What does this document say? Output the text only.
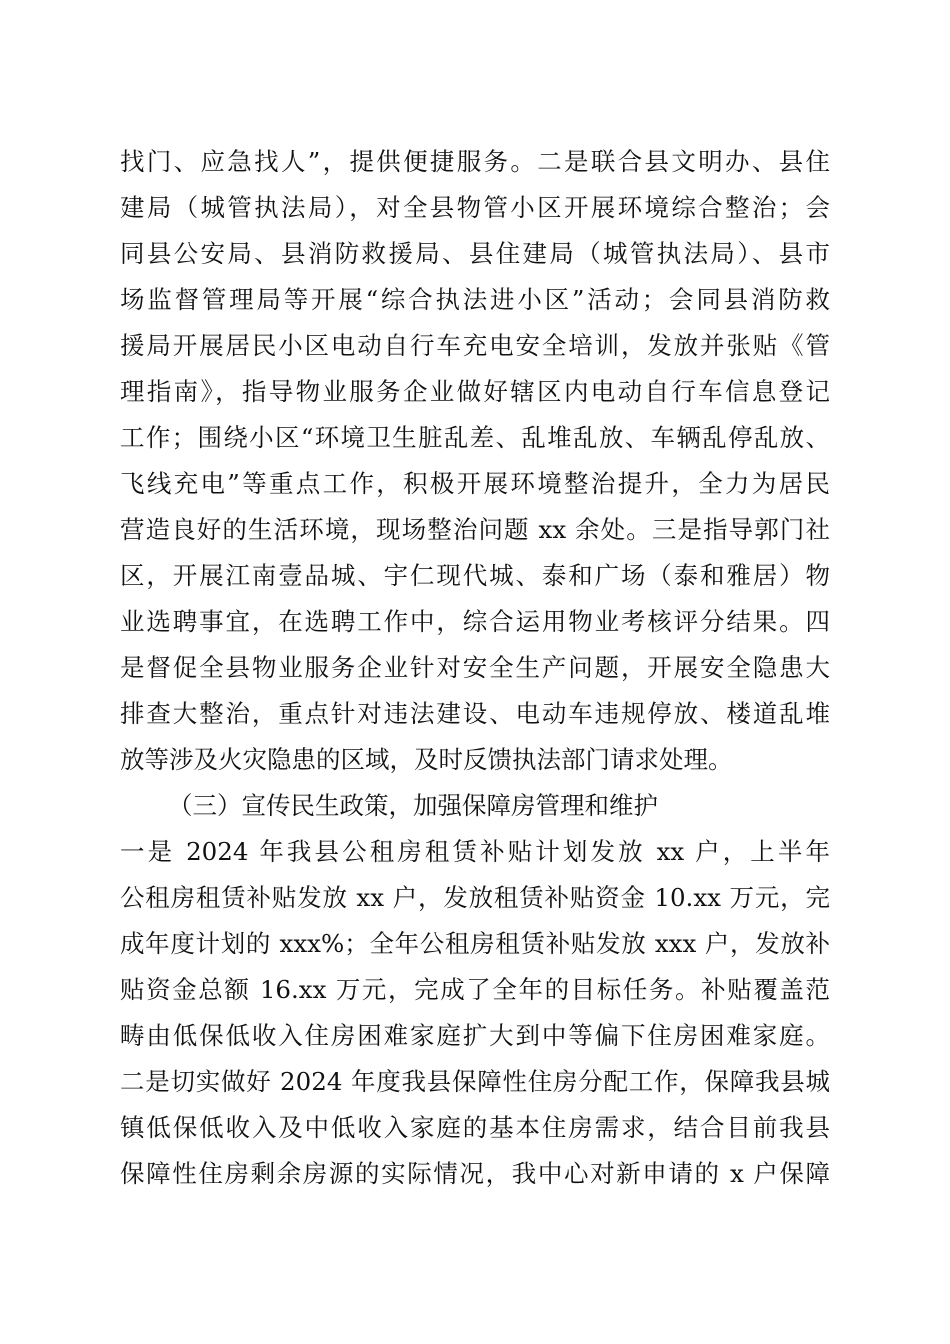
找门、应急找人”，提供便捷服务。二是联合县文明办、县住
建局（城管执法局），对全县物管小区开展环境综合整治；会
同县公安局、县消防救援局、县住建局（城管执法局）、县市
场监督管理局等开展“综合执法进小区”活动；会同县消防救
援局开展居民小区电动自行车充电安全培训，发放并张贴《管
理指南》，指导物业服务企业做好辖区内电动自行车信息登记
工作；围绕小区“环境卫生脏乱差、乱堆乱放、车辆乱停乱放、
飞线充电”等重点工作，积极开展环境整治提升，全力为居民
营造良好的生活环境，现场整治问题 xx 余处。三是指导郭门社
区，开展江南壹品城、宇仁现代城、泰和广场（泰和雅居）物
业选聘事宜，在选聘工作中，综合运用物业考核评分结果。四
是督促全县物业服务企业针对安全生产问题，开展安全隐患大
排查大整治，重点针对违法建设、电动车违规停放、楼道乱堆
放等涉及火灾隐患的区域，及时反馈执法部门请求处理。
（三）宣传民生政策，加强保障房管理和维护
一是 2024 年我县公租房租赁补贴计划发放 xx 户，上半年
公租房租赁补贴发放 xx 户，发放租赁补贴资金 10.xx 万元，完
成年度计划的 xxx%；全年公租房租赁补贴发放 xxx 户，发放补
贴资金总额 16.xx 万元，完成了全年的目标任务。补贴覆盖范
畴由低保低收入住房困难家庭扩大到中等偏下住房困难家庭。
二是切实做好 2024 年度我县保障性住房分配工作，保障我县城
镇低保低收入及中低收入家庭的基本住房需求，结合目前我县
保障性住房剩余房源的实际情况，我中心对新申请的 x 户保障
